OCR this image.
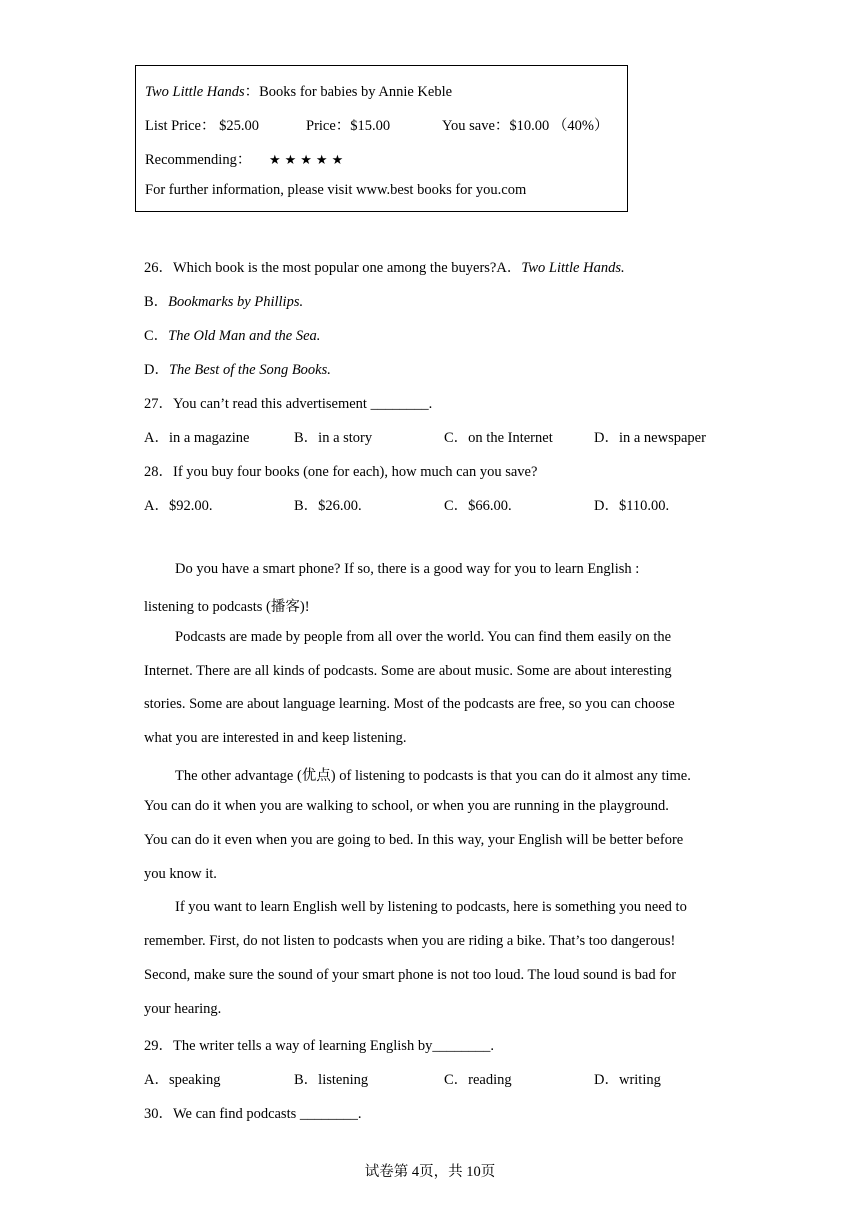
Two Little Hands：Books for babies by Annie Keble
List Price： $25.00	Price：$15.00	You save：$10.00 （40%）
Recommending： ★★★★★
For further information, please visit www.best books for you.com
26．Which book is the most popular one among the buyers?A．Two Little Hands.
B．Bookmarks by Phillips.
C．The Old Man and the Sea.
D．The Best of the Song Books.
27．You can’t read this advertisement ________.
A．in a magazine	B．in a story	C．on the Internet	D．in a newspaper
28．If you buy four books (one for each), how much can you save?
A．$92.00.	B．$26.00.	C．$66.00.	D．$110.00.
Do you have a smart phone? If so, there is a good way for you to learn English :
listening to podcasts (播客)!
Podcasts are made by people from all over the world. You can find them easily on the
Internet. There are all kinds of podcasts. Some are about music. Some are about interesting
stories. Some are about language learning. Most of the podcasts are free, so you can choose
what you are interested in and keep listening.
The other advantage (优点) of listening to podcasts is that you can do it almost any time.
You can do it when you are walking to school, or when you are running in the playground.
You can do it even when you are going to bed. In this way, your English will be better before
you know it.
If you want to learn English well by listening to podcasts, here is something you need to
remember. First, do not listen to podcasts when you are riding a bike. That’s too dangerous!
Second, make sure the sound of your smart phone is not too loud. The loud sound is bad for
your hearing.
29．The writer tells a way of learning English by________.
A．speaking	B．listening	C．reading	D．writing
30．We can find podcasts ________.
试卷第 4页，共 10页
